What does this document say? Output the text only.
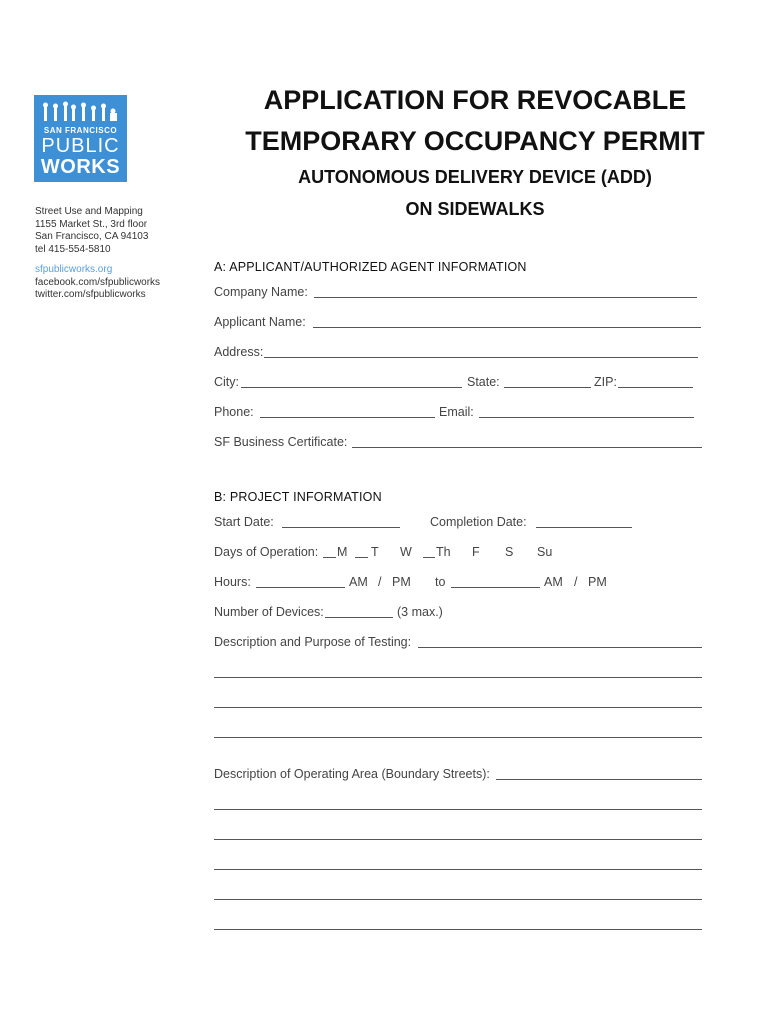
SAN FRANCISCO
PUBLIC
WORKS
Street Use and Mapping
1155 Market St., 3rd floor
San Francisco, CA 94103
tel 415-554-5810
sfpublicworks.org
facebook.com/sfpublicworks
twitter.com/sfpublicworks
APPLICATION FOR REVOCABLE
TEMPORARY OCCUPANCY PERMIT
AUTONOMOUS DELIVERY DEVICE (ADD)
ON SIDEWALKS
A: APPLICANT/AUTHORIZED AGENT INFORMATION
Company Name:
Applicant Name:
Address:
City:	State:	ZIP:
Phone:	Email:
SF Business Certificate:
B: PROJECT INFORMATION
Start Date:	Completion Date:
Days of Operation: M T W Th F S Su
Hours:	AM / PM to	AM / PM
Number of Devices:	(3 max.)
Description and Purpose of Testing:
Description of Operating Area (Boundary Streets):
